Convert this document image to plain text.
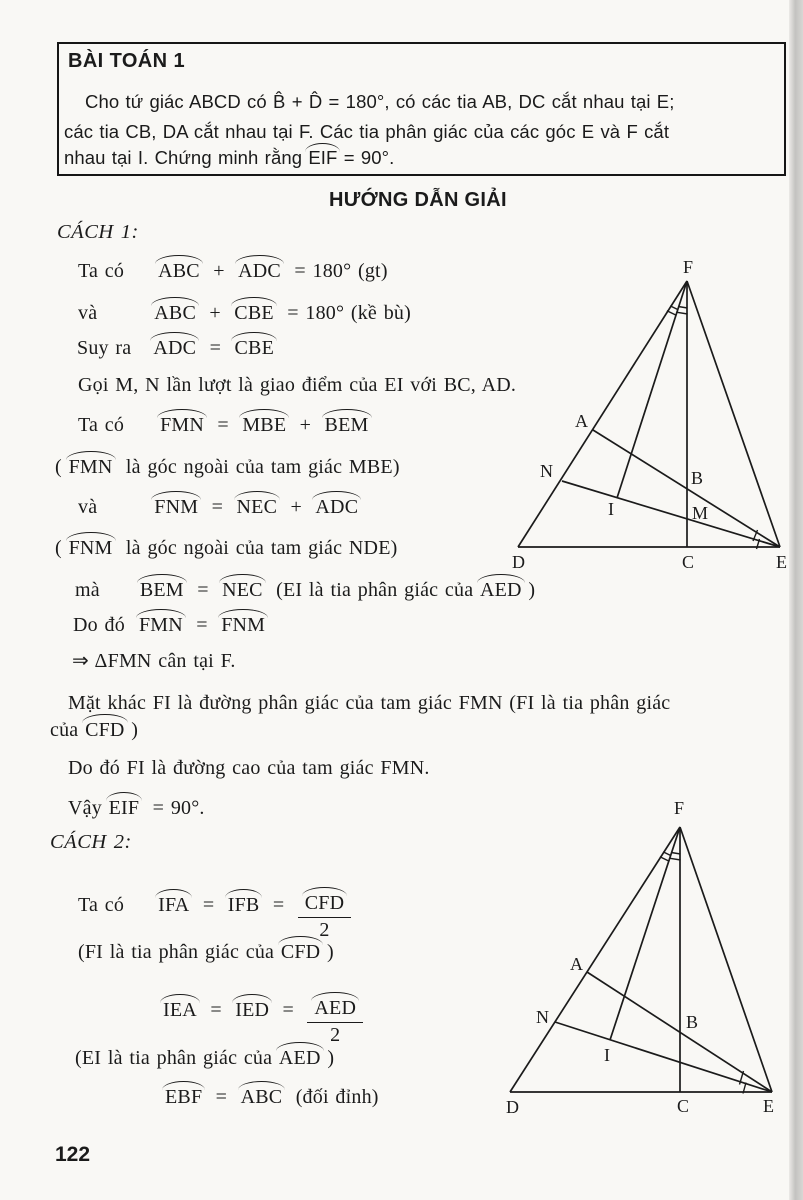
BÀI TOÁN 1
HƯỚNG DẪN GIẢI
Cho tứ giác ABCD có B̂ + D̂ = 180°, có các tia AB, DC cắt nhau tại E;
các tia CB, DA cắt nhau tại F. Các tia phân giác của các góc E và F cắt
nhau tại I. Chứng minh rằng EIF = 90°.
CÁCH 1:
Ta có ABC  +  ADC  = 180° (gt)
và	ABC  +  CBE  = 180° (kề bù)
Suy ra ADC  =  CBE
Gọi M, N lần lượt là giao điểm của EI với BC, AD.
Ta có FMN  =  MBE  +  BEM
( FMN  là góc ngoài của tam giác MBE)
và	FNM  =  NEC  +  ADC
( FNM  là góc ngoài của tam giác NDE)
mà BEM  =  NEC  (EI là tia phân giác của AED )
Do đó FMN  =  FNM
⇒ ΔFMN cân tại F.
Mặt khác FI là đường phân giác của tam giác FMN (FI là tia phân giác
của CFD )
Do đó FI là đường cao của tam giác FMN.
Vậy EIF  = 90°.
CÁCH 2:
Ta có IFA  =  IFB  = CFD
2
(FI là tia phân giác của CFD )
IEA  =  IED  = AED
2
(EI là tia phân giác của AED )
EBF  =  ABC  (đối đỉnh)
F
A
N	B
I	M
D	C	E
F
A
N	B
I
D	C	E
122
